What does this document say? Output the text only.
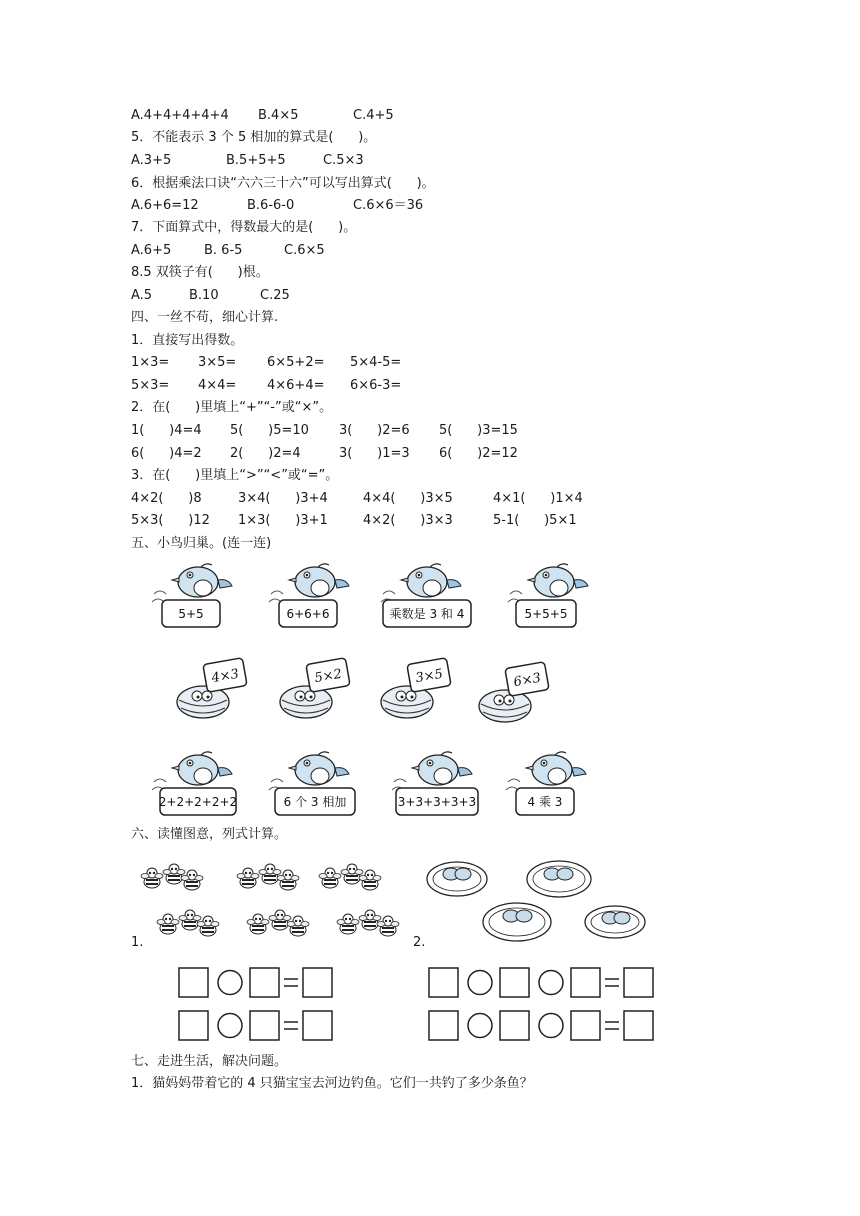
A.4+4+4+4+4 B.4×5	C.4+5
5．不能表示 3 个 5 相加的算式是(      )。
A.3+5	B.5+5+5	C.5×3
6．根据乘法口诀“六六三十六”可以写出算式(      )。
A.6+6=12	B.6-6-0	C.6×6＝36
7．下面算式中，得数最大的是(      )。
A.6+5	B. 6-5	C.6×5
8.5 双筷子有(      )根。
A.5	B.10	C.25
四、一丝不苟，细心计算.
1．直接写出得数。
1×3= 3×5= 6×5+2= 5×4-5=
5×3= 4×4= 4×6+4= 6×6-3=
2．在(      )里填上“+”“-”或“×”。
1(      )4=4 5(      )5=10 3(      )2=6 5(      )3=15
6(      )4=2 2(      )2=4	3(      )1=3 6(      )2=12
3．在(      )里填上“>”“<”或“=”。
4×2(      )8	3×4(      )3+4	4×4(      )3×5	4×1(      )1×4
5×3(      )12 1×3(      )3+1	4×2(      )3×3	5-1(      )5×1
五、小鸟归巢。(连一连)
5+5	6+6+6	乘数是 3 和 4	5+5+5
4×3	5×2	3×5	6×3
2+2+2+2+2	6 个 3 相加	3+3+3+3+3	4 乘 3
六、读懂图意，列式计算。
1.	2.
七、走进生活，解决问题。
1．猫妈妈带着它的 4 只猫宝宝去河边钓鱼。它们一共钓了多少条鱼？
